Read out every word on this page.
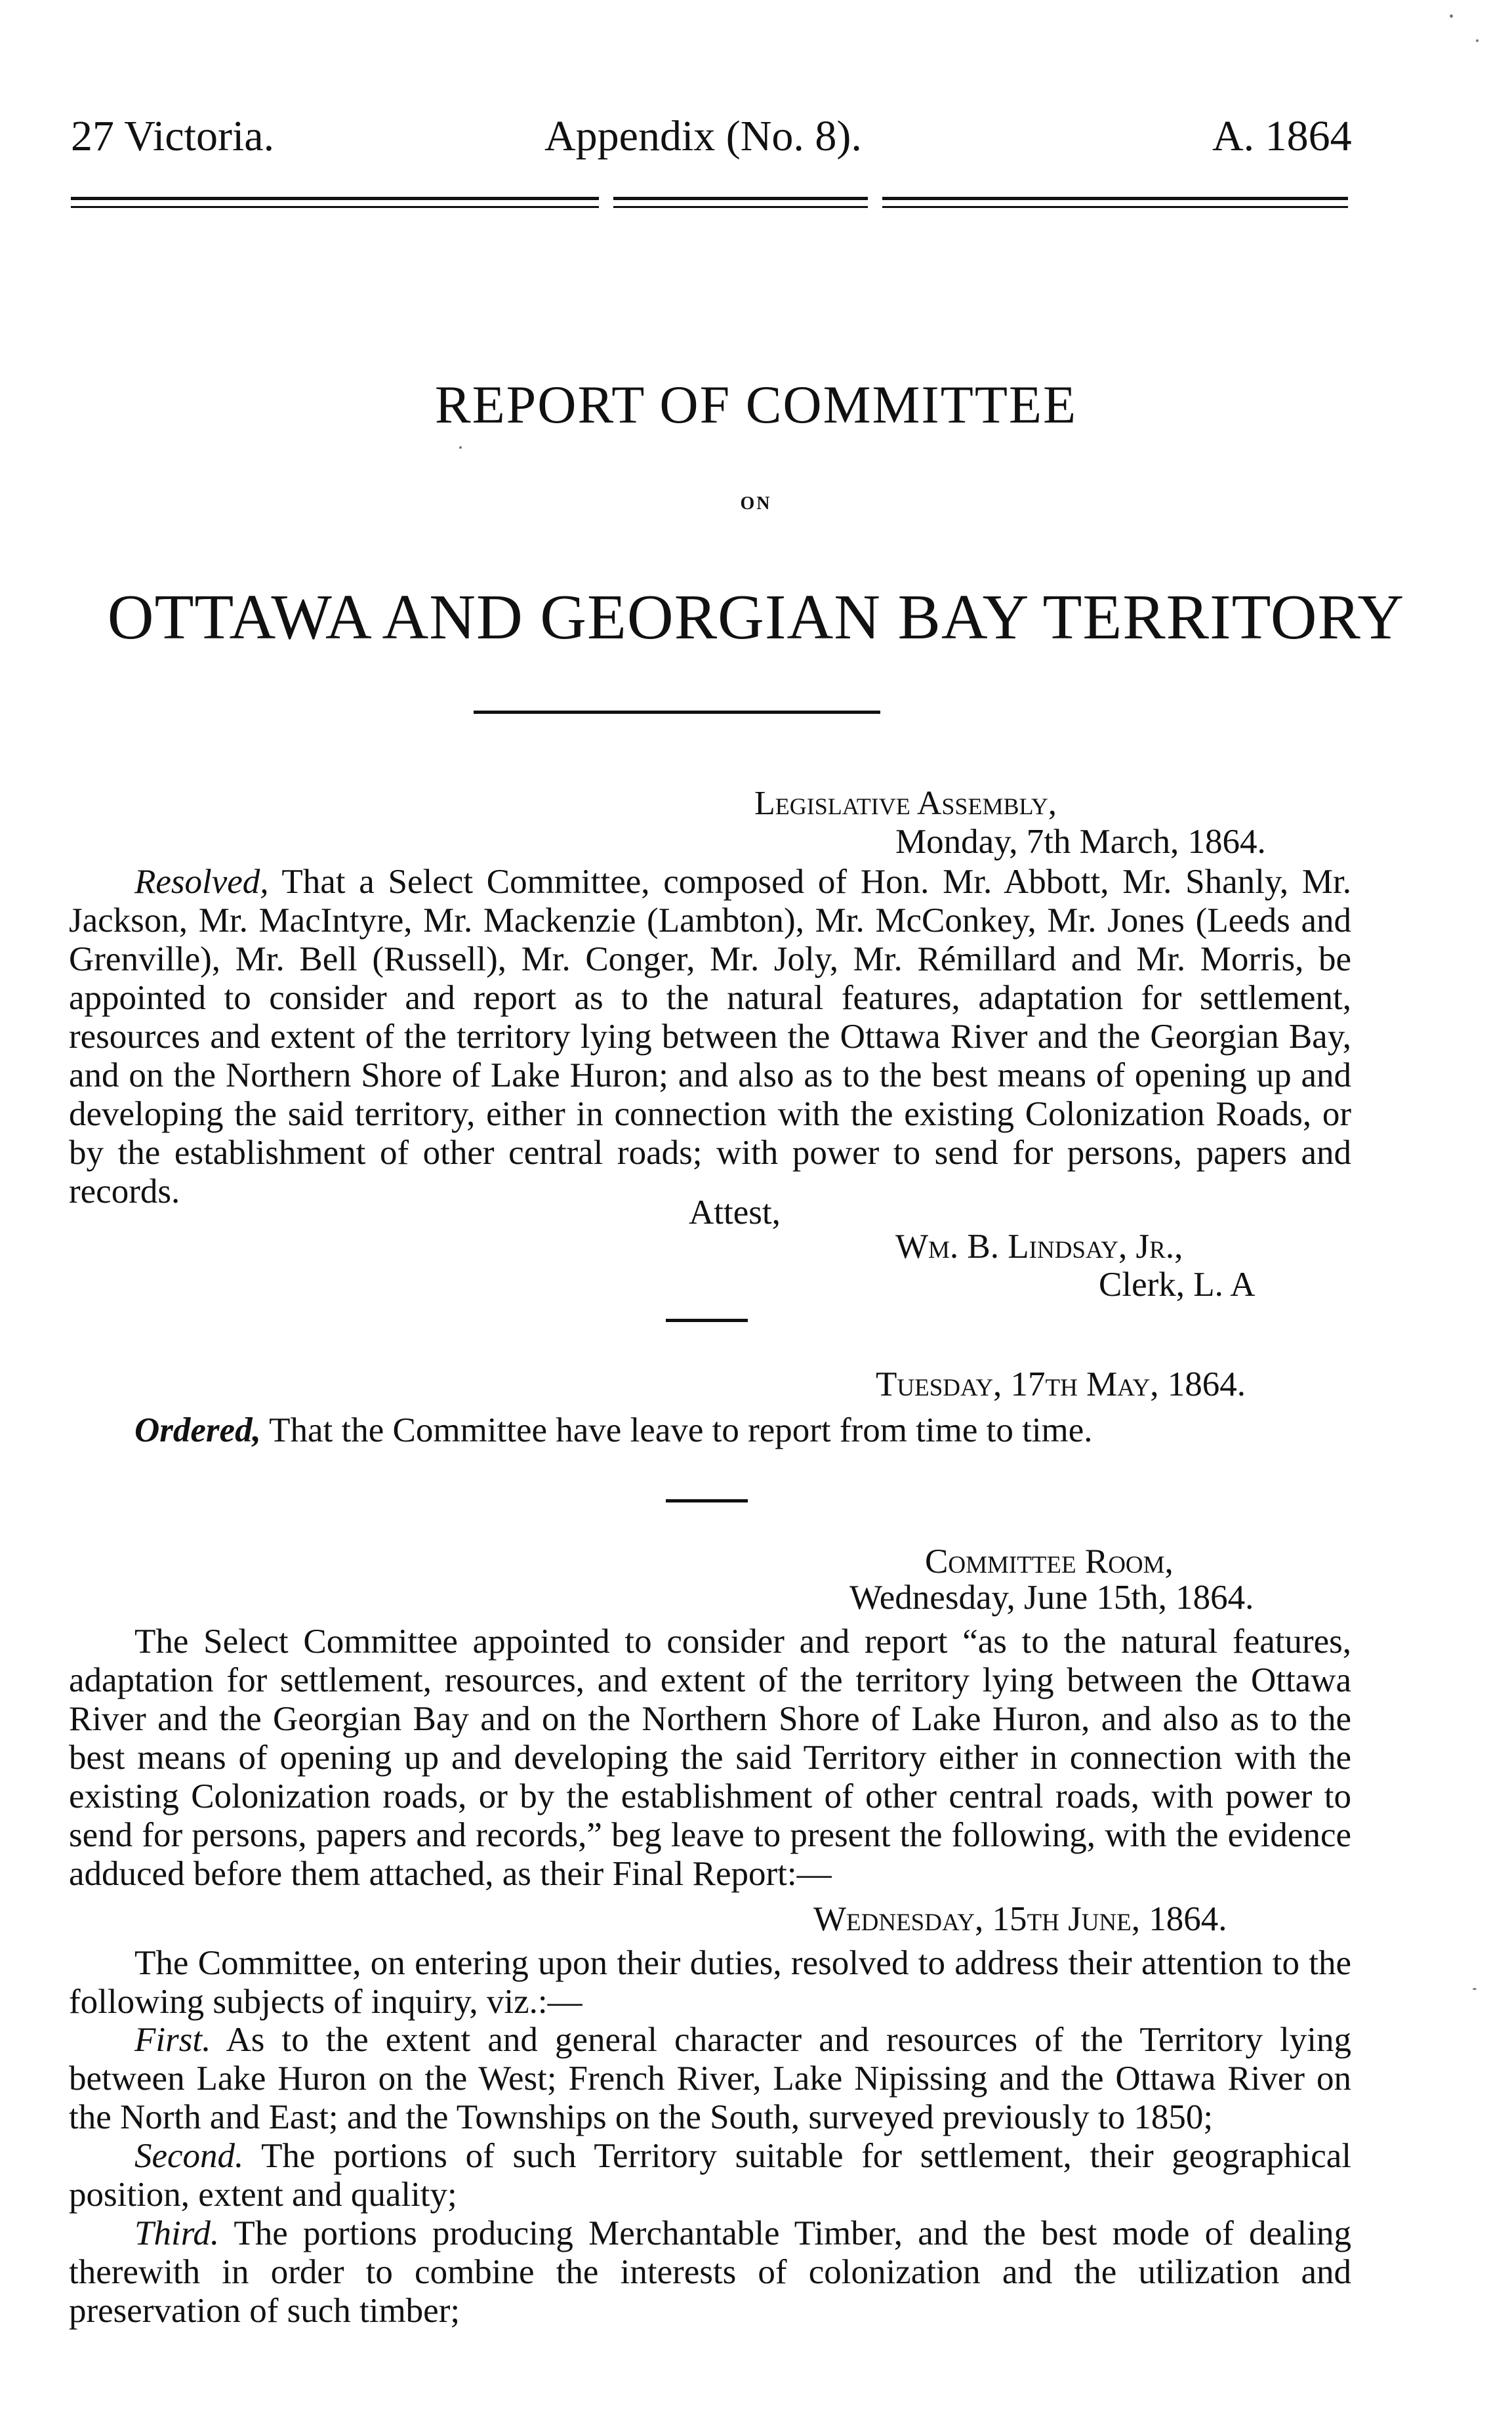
27 Victoria.	Appendix (No. 8).	A. 1864
REPORT OF COMMITTEE
ON
OTTAWA AND GEORGIAN BAY TERRITORY
Legislative Assembly,
Monday, 7th March, 1864.
Resolved, That a Select Committee, composed of Hon. Mr. Abbott, Mr. Shanly, Mr. Jackson, Mr. MacIntyre, Mr. Mackenzie (Lambton), Mr. McConkey, Mr. Jones (Leeds and Grenville), Mr. Bell (Russell), Mr. Conger, Mr. Joly, Mr. Rémillard and Mr. Morris, be appointed to consider and report as to the natural features, adaptation for settlement, resources and extent of the territory lying between the Ottawa River and the Georgian Bay, and on the Northern Shore of Lake Huron; and also as to the best means of opening up and developing the said territory, either in connection with the existing Colonization Roads, or by the establishment of other central roads; with power to send for persons, papers and records.
Attest,
Wm. B. Lindsay, Jr.,
Clerk, L. A
Tuesday, 17th May, 1864.
Ordered, That the Committee have leave to report from time to time.
Committee Room,
Wednesday, June 15th, 1864.
The Select Committee appointed to consider and report “as to the natural features, adaptation for settlement, resources, and extent of the territory lying between the Ottawa River and the Georgian Bay and on the Northern Shore of Lake Huron, and also as to the best means of opening up and developing the said Territory either in connection with the existing Colonization roads, or by the establishment of other central roads, with power to send for persons, papers and records,” beg leave to present the following, with the evidence adduced before them attached, as their Final Report:—
Wednesday, 15th June, 1864.
The Committee, on entering upon their duties, resolved to address their attention to the following subjects of inquiry, viz.:—
First. As to the extent and general character and resources of the Territory lying between Lake Huron on the West; French River, Lake Nipissing and the Ottawa River on the North and East; and the Townships on the South, surveyed previously to 1850;
Second. The portions of such Territory suitable for settlement, their geographical position, extent and quality;
Third. The portions producing Merchantable Timber, and the best mode of dealing therewith in order to combine the interests of colonization and the utilization and preservation of such timber;
